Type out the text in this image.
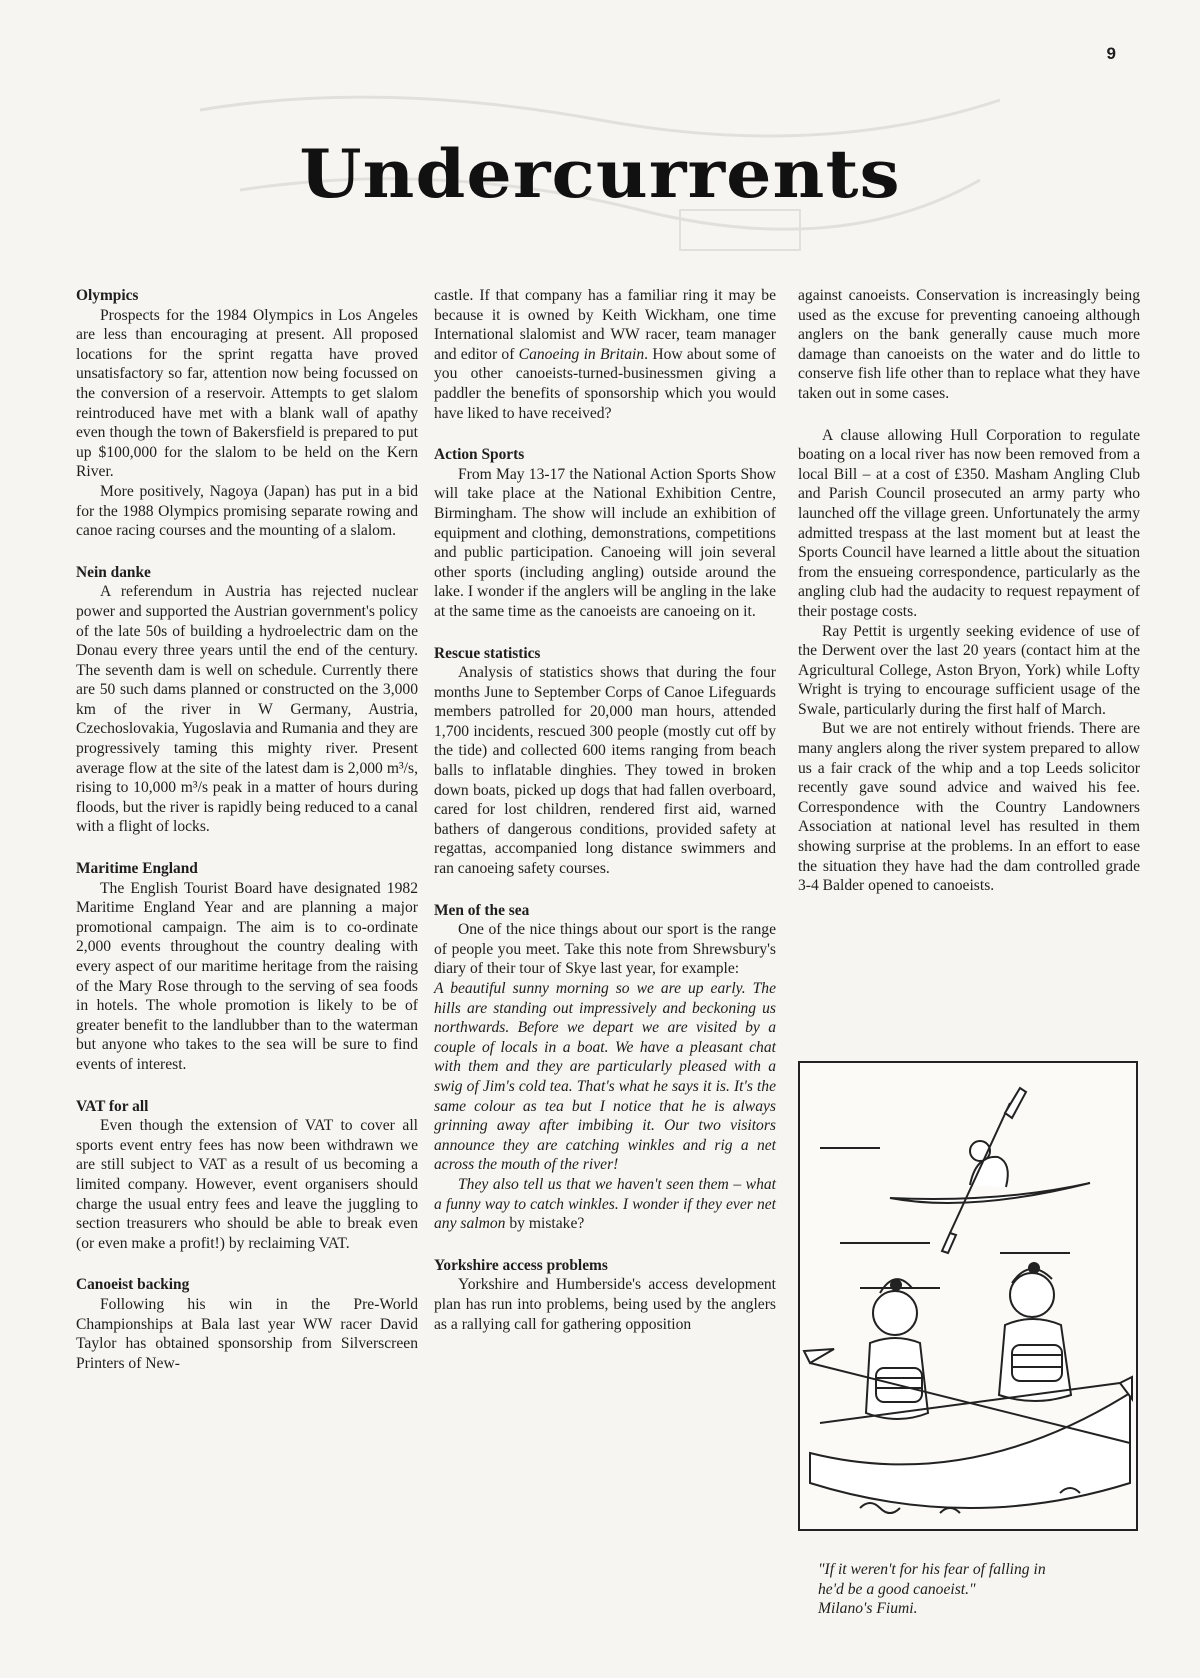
9
Undercurrents

Olympics

Prospects for the 1984 Olympics in Los Angeles are less than encouraging at present. All proposed locations for the sprint regatta have proved unsatisfactory so far, attention now being focussed on the conversion of a reservoir. Attempts to get slalom reintroduced have met with a blank wall of apathy even though the town of Bakersfield is prepared to put up $100,000 for the slalom to be held on the Kern River.

More positively, Nagoya (Japan) has put in a bid for the 1988 Olympics promising separate rowing and canoe racing courses and the mounting of a slalom.

Nein danke

A referendum in Austria has rejected nuclear power and supported the Austrian government's policy of the late 50s of building a hydroelectric dam on the Donau every three years until the end of the century. The seventh dam is well on schedule. Currently there are 50 such dams planned or constructed on the 3,000 km of the river in W Germany, Austria, Czechoslovakia, Yugoslavia and Rumania and they are progressively taming this mighty river. Present average flow at the site of the latest dam is 2,000 m³/s, rising to 10,000 m³/s peak in a matter of hours during floods, but the river is rapidly being reduced to a canal with a flight of locks.

Maritime England

The English Tourist Board have designated 1982 Maritime England Year and are planning a major promotional campaign. The aim is to co-ordinate 2,000 events throughout the country dealing with every aspect of our maritime heritage from the raising of the Mary Rose through to the serving of sea foods in hotels. The whole promotion is likely to be of greater benefit to the landlubber than to the waterman but anyone who takes to the sea will be sure to find events of interest.

VAT for all

Even though the extension of VAT to cover all sports event entry fees has now been withdrawn we are still subject to VAT as a result of us becoming a limited company. However, event organisers should charge the usual entry fees and leave the juggling to section treasurers who should be able to break even (or even make a profit!) by reclaiming VAT.

Canoeist backing

Following his win in the Pre-World Championships at Bala last year WW racer David Taylor has obtained sponsorship from Silverscreen Printers of New-

castle. If that company has a familiar ring it may be because it is owned by Keith Wickham, one time International slalomist and WW racer, team manager and editor of Canoeing in Britain. How about some of you other canoeists-turned-businessmen giving a paddler the benefits of sponsorship which you would have liked to have received?

Action Sports

From May 13-17 the National Action Sports Show will take place at the National Exhibition Centre, Birmingham. The show will include an exhibition of equipment and clothing, demonstrations, competitions and public participation. Canoeing will join several other sports (including angling) outside around the lake. I wonder if the anglers will be angling in the lake at the same time as the canoeists are canoeing on it.

Rescue statistics

Analysis of statistics shows that during the four months June to September Corps of Canoe Lifeguards members patrolled for 20,000 man hours, attended 1,700 incidents, rescued 300 people (mostly cut off by the tide) and collected 600 items ranging from beach balls to inflatable dinghies. They towed in broken down boats, picked up dogs that had fallen overboard, cared for lost children, rendered first aid, warned bathers of dangerous conditions, provided safety at regattas, accompanied long distance swimmers and ran canoeing safety courses.

Men of the sea

One of the nice things about our sport is the range of people you meet. Take this note from Shrewsbury's diary of their tour of Skye last year, for example:

A beautiful sunny morning so we are up early. The hills are standing out impressively and beckoning us northwards. Before we depart we are visited by a couple of locals in a boat. We have a pleasant chat with them and they are particularly pleased with a swig of Jim's cold tea. That's what he says it is. It's the same colour as tea but I notice that he is always grinning away after imbibing it. Our two visitors announce they are catching winkles and rig a net across the mouth of the river!

They also tell us that we haven't seen them – what a funny way to catch winkles. I wonder if they ever net any salmon by mistake?

Yorkshire access problems

Yorkshire and Humberside's access development plan has run into problems, being used by the anglers as a rallying call for gathering opposition

against canoeists. Conservation is increasingly being used as the excuse for preventing canoeing although anglers on the bank generally cause much more damage than canoeists on the water and do little to conserve fish life other than to replace what they have taken out in some cases.

A clause allowing Hull Corporation to regulate boating on a local river has now been removed from a local Bill – at a cost of £350. Masham Angling Club and Parish Council prosecuted an army party who launched off the village green. Unfortunately the army admitted trespass at the last moment but at least the Sports Council have learned a little about the situation from the ensueing correspondence, particularly as the angling club had the audacity to request repayment of their postage costs.

Ray Pettit is urgently seeking evidence of use of the Derwent over the last 20 years (contact him at the Agricultural College, Aston Bryon, York) while Lofty Wright is trying to encourage sufficient usage of the Swale, particularly during the first half of March.

But we are not entirely without friends. There are many anglers along the river system prepared to allow us a fair crack of the whip and a top Leeds solicitor recently gave sound advice and waived his fee. Correspondence with the Country Landowners Association at national level has resulted in them showing surprise at the problems. In an effort to ease the situation they have had the dam controlled grade 3-4 Balder opened to canoeists.

"If it weren't for his fear of falling in
he'd be a good canoeist."
Milano's Fiumi.
